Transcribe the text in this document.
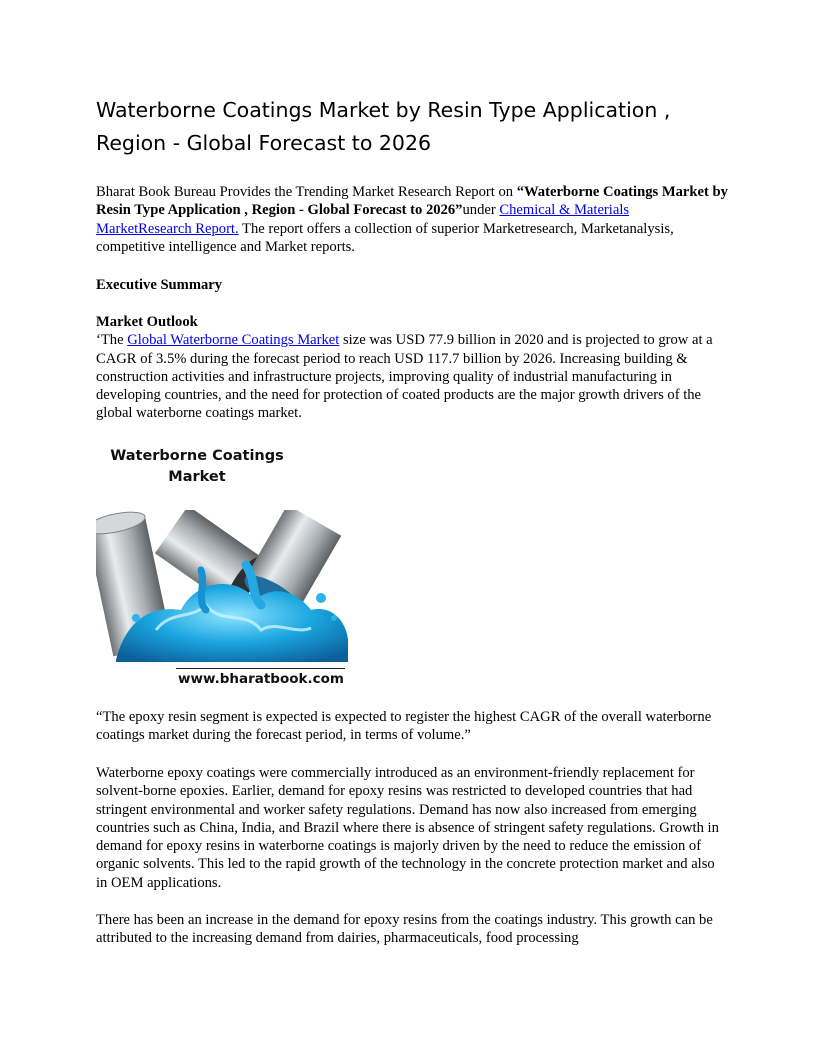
Waterborne Coatings Market by Resin Type Application , Region - Global Forecast to 2026

Bharat Book Bureau Provides the Trending Market Research Report on “Waterborne Coatings Market by Resin Type Application , Region - Global Forecast to 2026”under Chemical & Materials MarketResearch Report. The report offers a collection of superior Marketresearch, Marketanalysis, competitive intelligence and Market reports.

Executive Summary

Market Outlook
‘The Global Waterborne Coatings Market size was USD 77.9 billion in 2020 and is projected to grow at a CAGR of 3.5% during the forecast period to reach USD 117.7 billion by 2026. Increasing building & construction activities and infrastructure projects, improving quality of industrial manufacturing in developing countries, and the need for protection of coated products are the major growth drivers of the global waterborne coatings market.

Waterborne Coatings
Market
www.bharatbook.com

“The epoxy resin segment is expected is expected to register the highest CAGR of the overall waterborne coatings market during the forecast period, in terms of volume.”

Waterborne epoxy coatings were commercially introduced as an environment-friendly replacement for solvent-borne epoxies. Earlier, demand for epoxy resins was restricted to developed countries that had stringent environmental and worker safety regulations. Demand has now also increased from emerging countries such as China, India, and Brazil where there is absence of stringent safety regulations. Growth in demand for epoxy resins in waterborne coatings is majorly driven by the need to reduce the emission of organic solvents. This led to the rapid growth of the technology in the concrete protection market and also in OEM applications.

There has been an increase in the demand for epoxy resins from the coatings industry. This growth can be attributed to the increasing demand from dairies, pharmaceuticals, food processing
